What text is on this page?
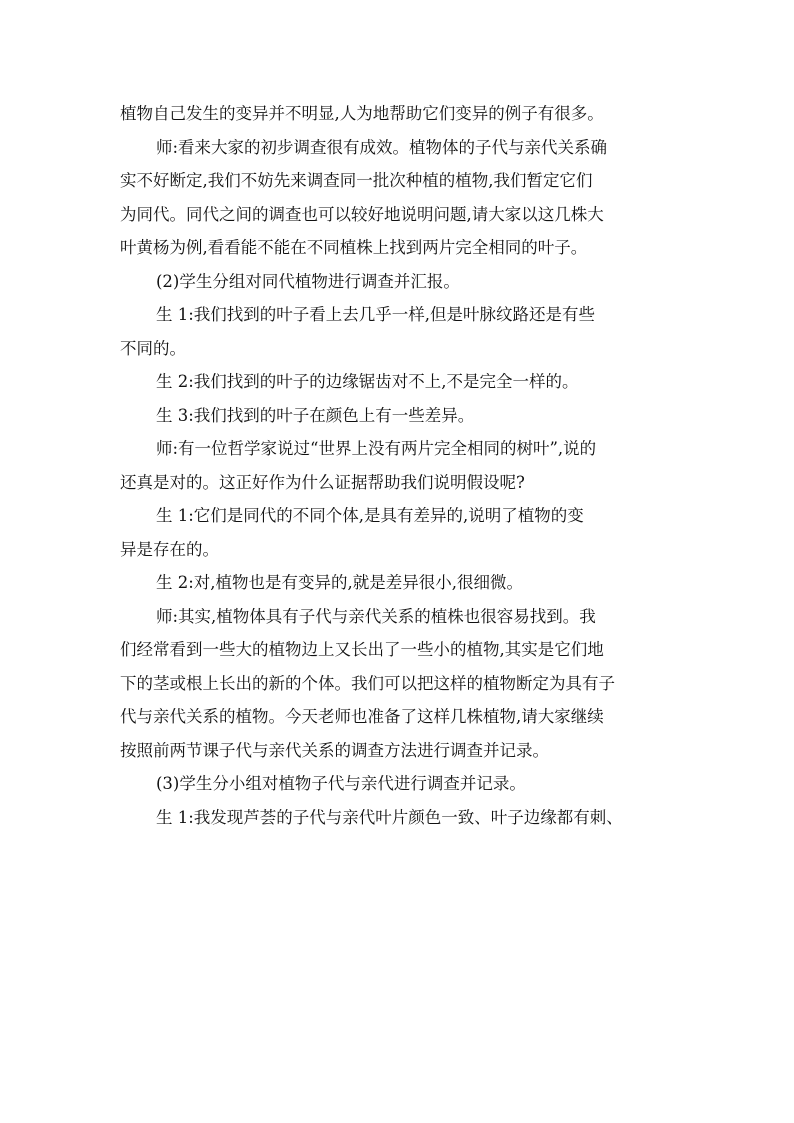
植物自己发生的变异并不明显,人为地帮助它们变异的例子有很多。
师:看来大家的初步调查很有成效。植物体的子代与亲代关系确
实不好断定,我们不妨先来调查同一批次种植的植物,我们暂定它们
为同代。同代之间的调查也可以较好地说明问题,请大家以这几株大
叶黄杨为例,看看能不能在不同植株上找到两片完全相同的叶子。
(2)学生分组对同代植物进行调查并汇报。
生 1:我们找到的叶子看上去几乎一样,但是叶脉纹路还是有些
不同的。
生 2:我们找到的叶子的边缘锯齿对不上,不是完全一样的。
生 3:我们找到的叶子在颜色上有一些差异。
师:有一位哲学家说过“世界上没有两片完全相同的树叶”,说的
还真是对的。这正好作为什么证据帮助我们说明假设呢?
生 1:它们是同代的不同个体,是具有差异的,说明了植物的变
异是存在的。
生 2:对,植物也是有变异的,就是差异很小,很细微。
师:其实,植物体具有子代与亲代关系的植株也很容易找到。我
们经常看到一些大的植物边上又长出了一些小的植物,其实是它们地
下的茎或根上长出的新的个体。我们可以把这样的植物断定为具有子
代与亲代关系的植物。今天老师也准备了这样几株植物,请大家继续
按照前两节课子代与亲代关系的调查方法进行调查并记录。
(3)学生分小组对植物子代与亲代进行调查并记录。
生 1:我发现芦荟的子代与亲代叶片颜色一致、叶子边缘都有刺、
